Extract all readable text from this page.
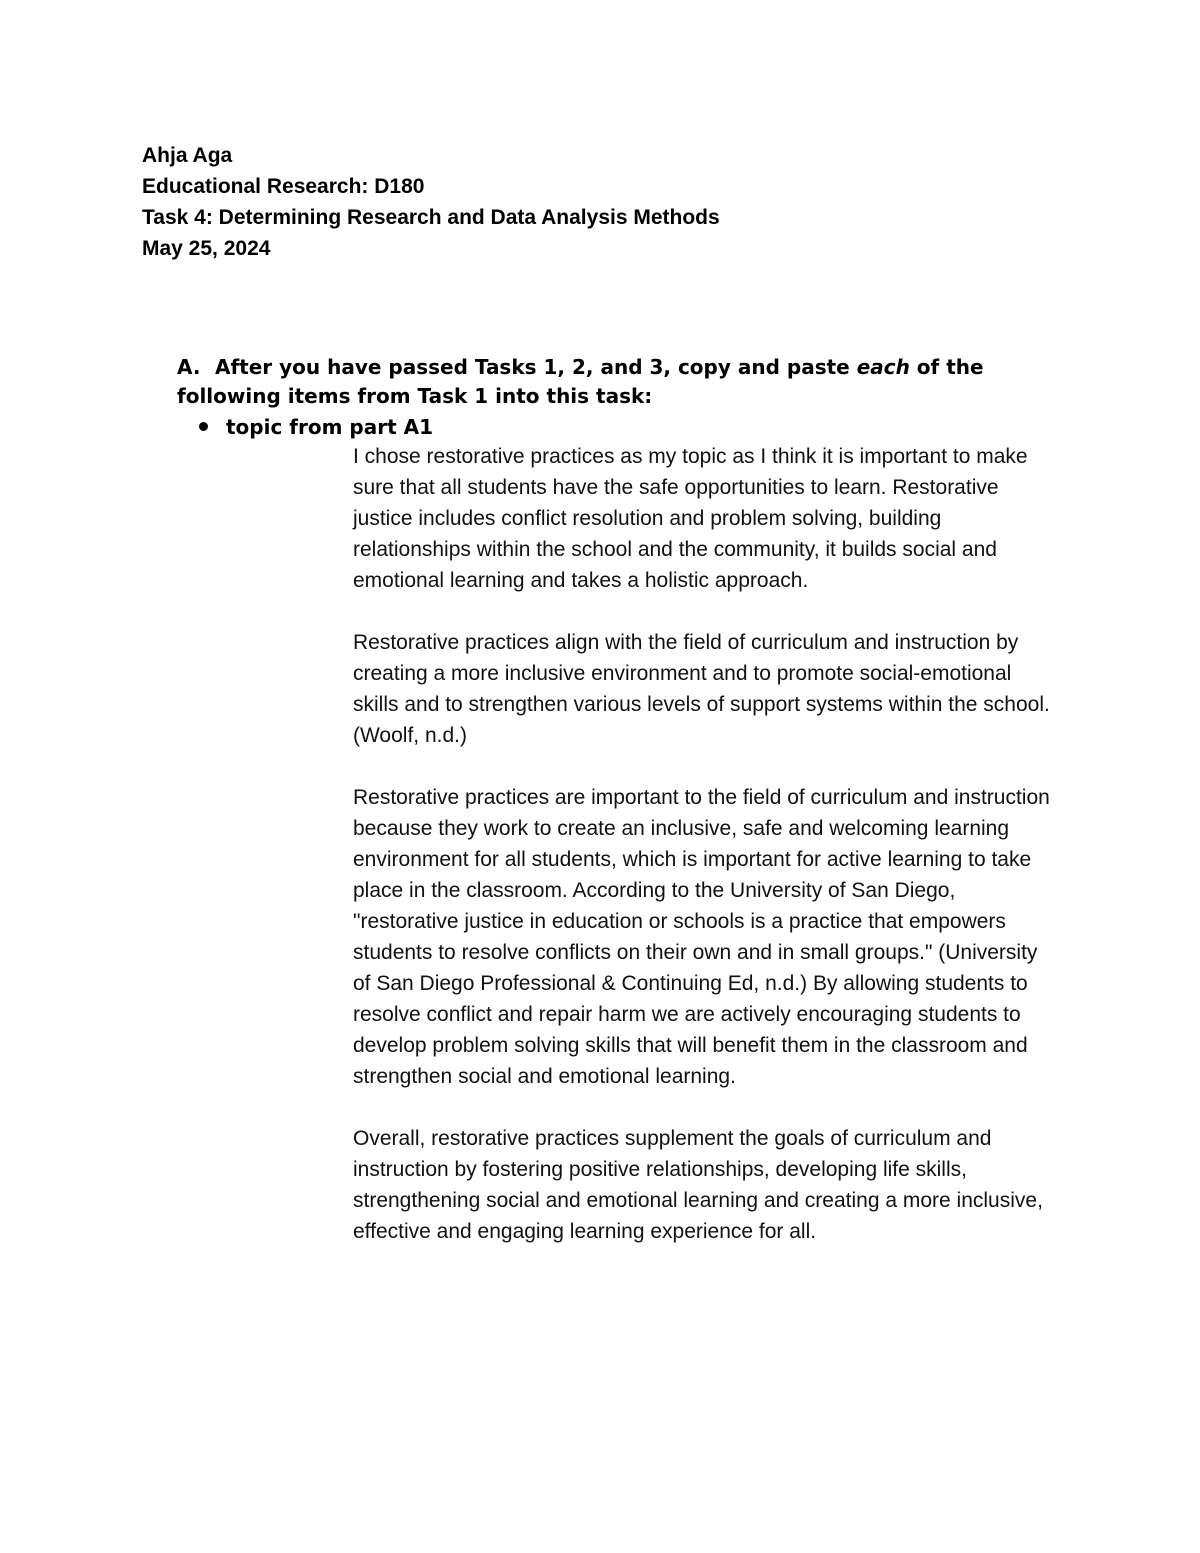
Ahja Aga
Educational Research: D180
Task 4: Determining Research and Data Analysis Methods
May 25, 2024
A. After you have passed Tasks 1, 2, and 3, copy and paste each of the following items from Task 1 into this task:
topic from part A1

I chose restorative practices as my topic as I think it is important to make sure that all students have the safe opportunities to learn. Restorative justice includes conflict resolution and problem solving, building relationships within the school and the community, it builds social and emotional learning and takes a holistic approach.

Restorative practices align with the field of curriculum and instruction by creating a more inclusive environment and to promote social-emotional skills and to strengthen various levels of support systems within the school. (Woolf, n.d.)

Restorative practices are important to the field of curriculum and instruction because they work to create an inclusive, safe and welcoming learning environment for all students, which is important for active learning to take place in the classroom. According to the University of San Diego, "restorative justice in education or schools is a practice that empowers students to resolve conflicts on their own and in small groups." (University of San Diego Professional & Continuing Ed, n.d.) By allowing students to resolve conflict and repair harm we are actively encouraging students to develop problem solving skills that will benefit them in the classroom and strengthen social and emotional learning.

Overall, restorative practices supplement the goals of curriculum and instruction by fostering positive relationships, developing life skills, strengthening social and emotional learning and creating a more inclusive, effective and engaging learning experience for all.
